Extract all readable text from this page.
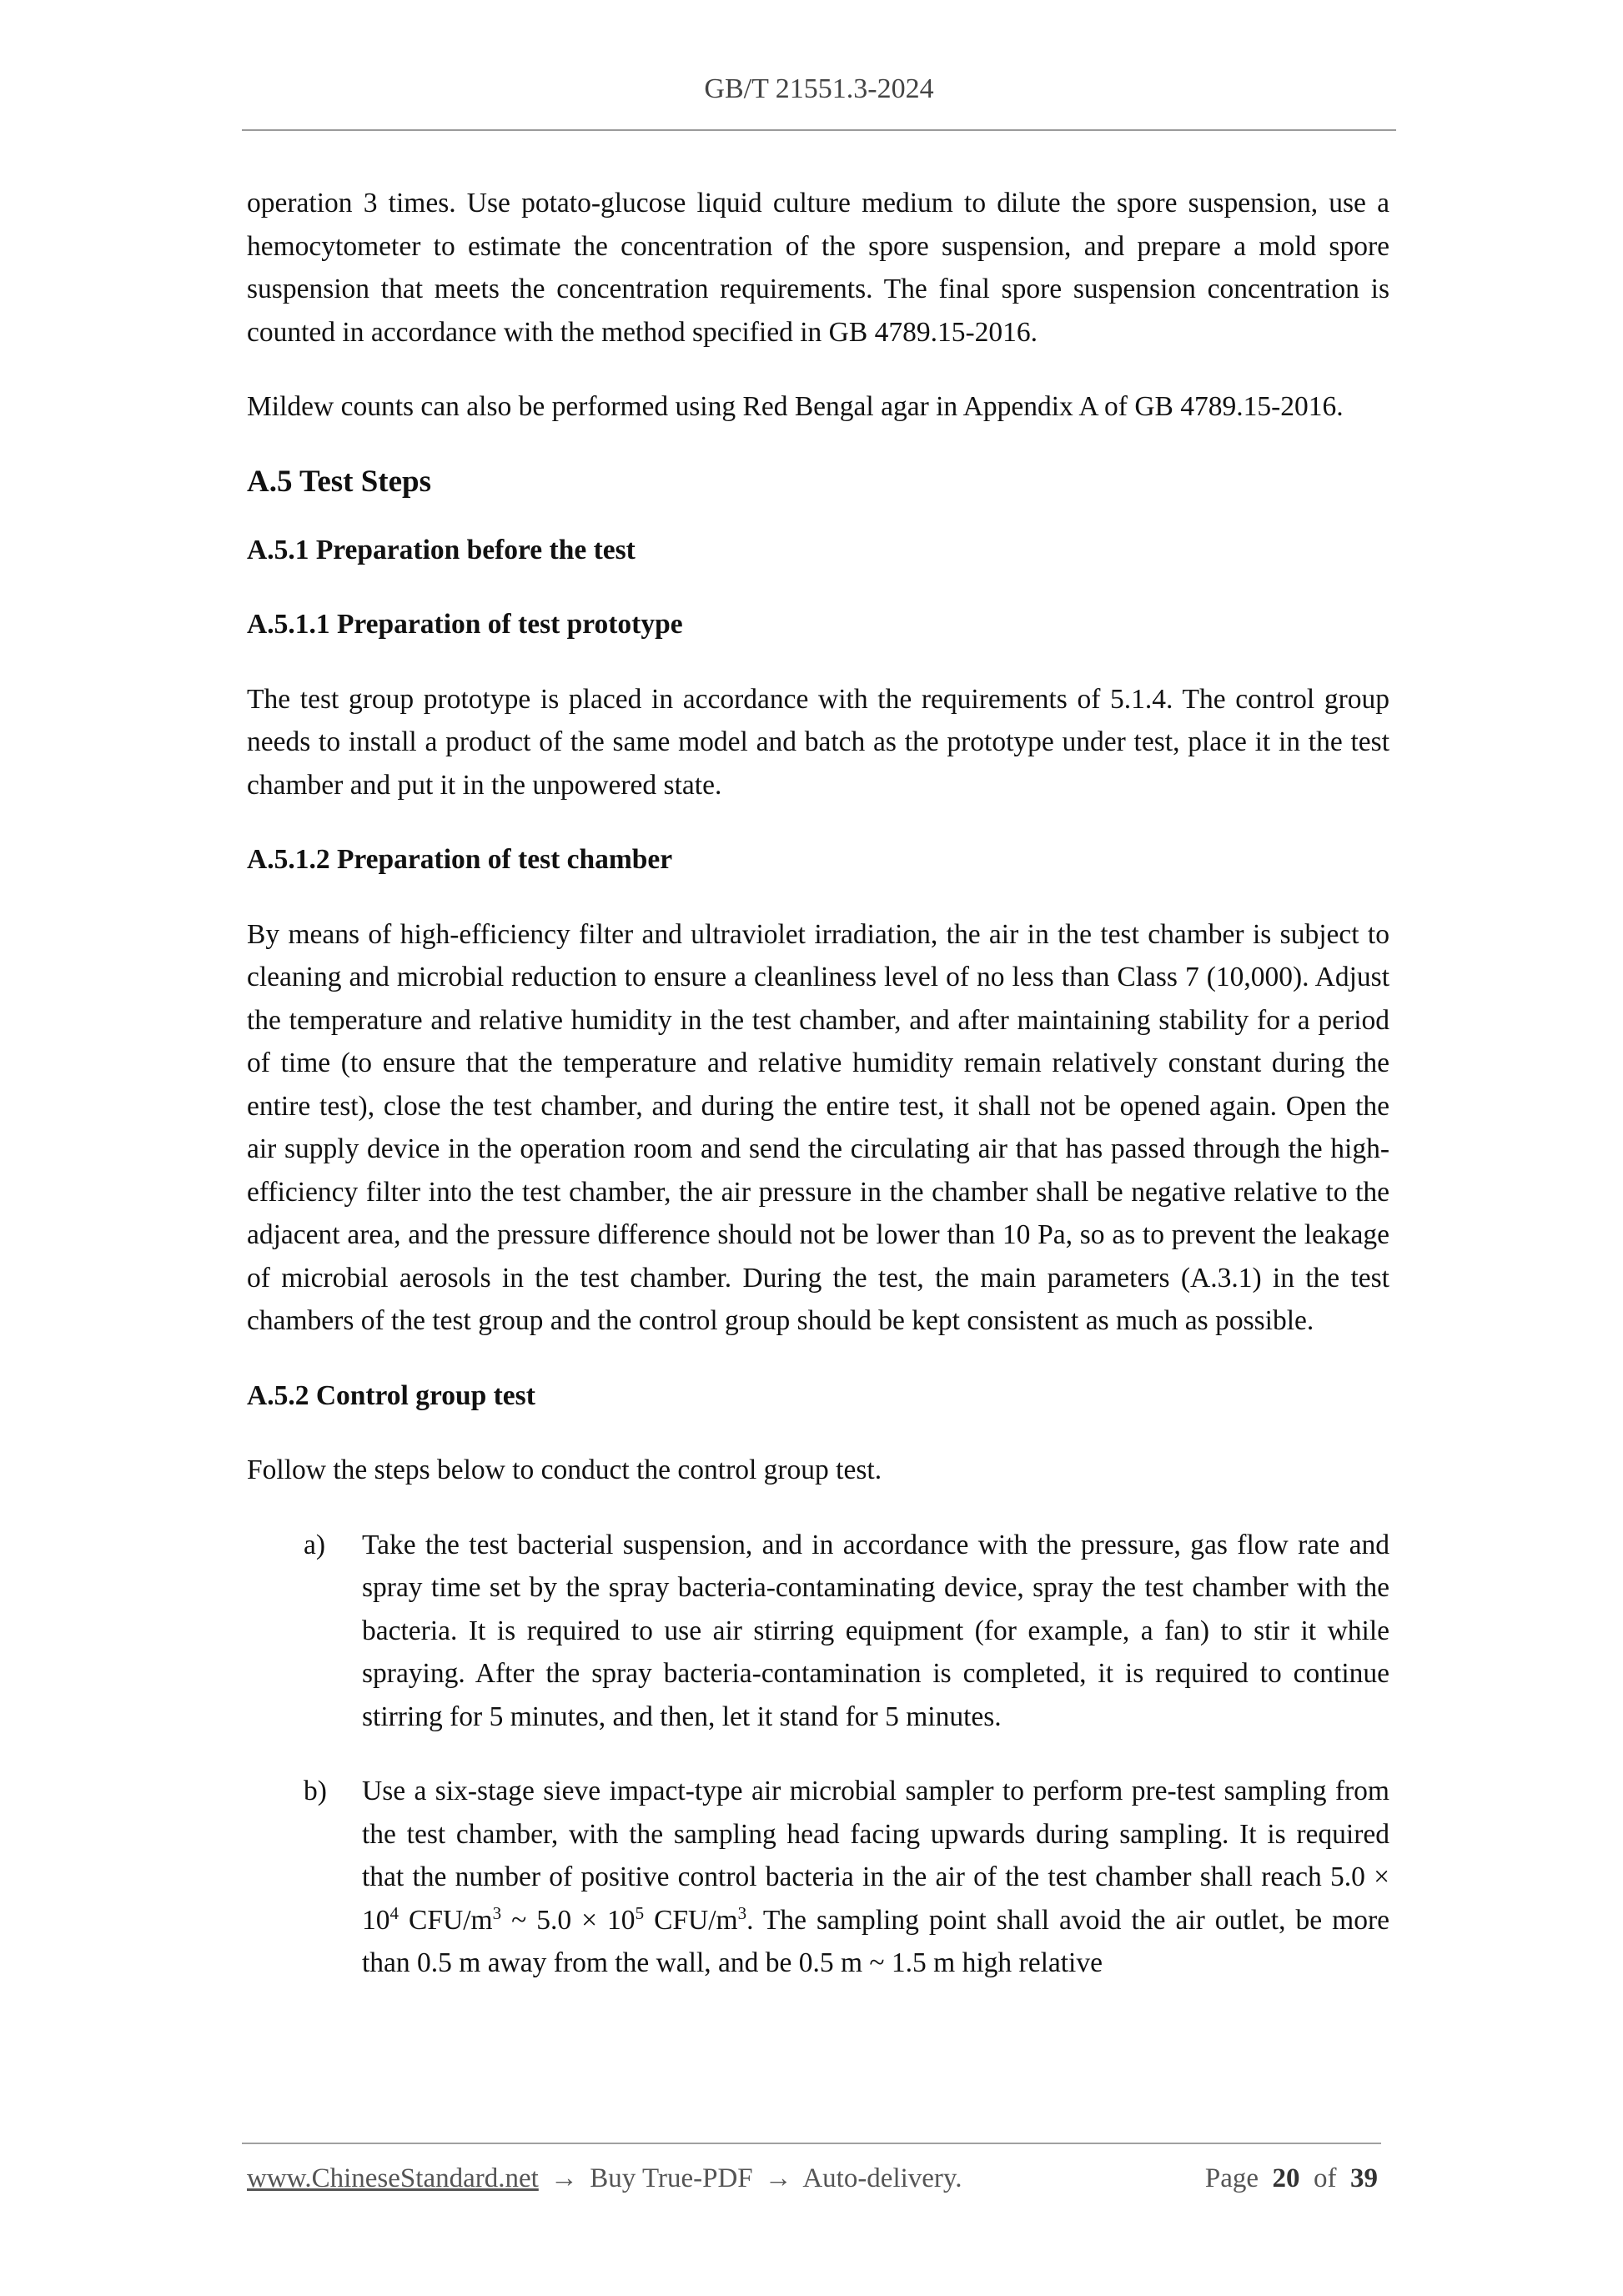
GB/T 21551.3-2024

operation 3 times. Use potato-glucose liquid culture medium to dilute the spore suspension, use a hemocytometer to estimate the concentration of the spore suspension, and prepare a mold spore suspension that meets the concentration requirements. The final spore suspension concentration is counted in accordance with the method specified in GB 4789.15-2016.

Mildew counts can also be performed using Red Bengal agar in Appendix A of GB 4789.15-2016.

A.5 Test Steps
A.5.1 Preparation before the test
A.5.1.1 Preparation of test prototype

The test group prototype is placed in accordance with the requirements of 5.1.4. The control group needs to install a product of the same model and batch as the prototype under test, place it in the test chamber and put it in the unpowered state.

A.5.1.2 Preparation of test chamber

By means of high-efficiency filter and ultraviolet irradiation, the air in the test chamber is subject to cleaning and microbial reduction to ensure a cleanliness level of no less than Class 7 (10,000). Adjust the temperature and relative humidity in the test chamber, and after maintaining stability for a period of time (to ensure that the temperature and relative humidity remain relatively constant during the entire test), close the test chamber, and during the entire test, it shall not be opened again. Open the air supply device in the operation room and send the circulating air that has passed through the high-efficiency filter into the test chamber, the air pressure in the chamber shall be negative relative to the adjacent area, and the pressure difference should not be lower than 10 Pa, so as to prevent the leakage of microbial aerosols in the test chamber. During the test, the main parameters (A.3.1) in the test chambers of the test group and the control group should be kept consistent as much as possible.

A.5.2 Control group test

Follow the steps below to conduct the control group test.

a) Take the test bacterial suspension, and in accordance with the pressure, gas flow rate and spray time set by the spray bacteria-contaminating device, spray the test chamber with the bacteria. It is required to use air stirring equipment (for example, a fan) to stir it while spraying. After the spray bacteria-contamination is completed, it is required to continue stirring for 5 minutes, and then, let it stand for 5 minutes.
b) Use a six-stage sieve impact-type air microbial sampler to perform pre-test sampling from the test chamber, with the sampling head facing upwards during sampling. It is required that the number of positive control bacteria in the air of the test chamber shall reach $5.0 \times 10^4$ CFU/$m^3$ ~ $5.0 \times 10^5$ CFU/$m^3$. The sampling point shall avoid the air outlet, be more than 0.5 m away from the wall, and be 0.5 m ~ 1.5 m high relative
www.ChineseStandard.net → Buy True-PDF → Auto-delivery.	Page 20 of 39
